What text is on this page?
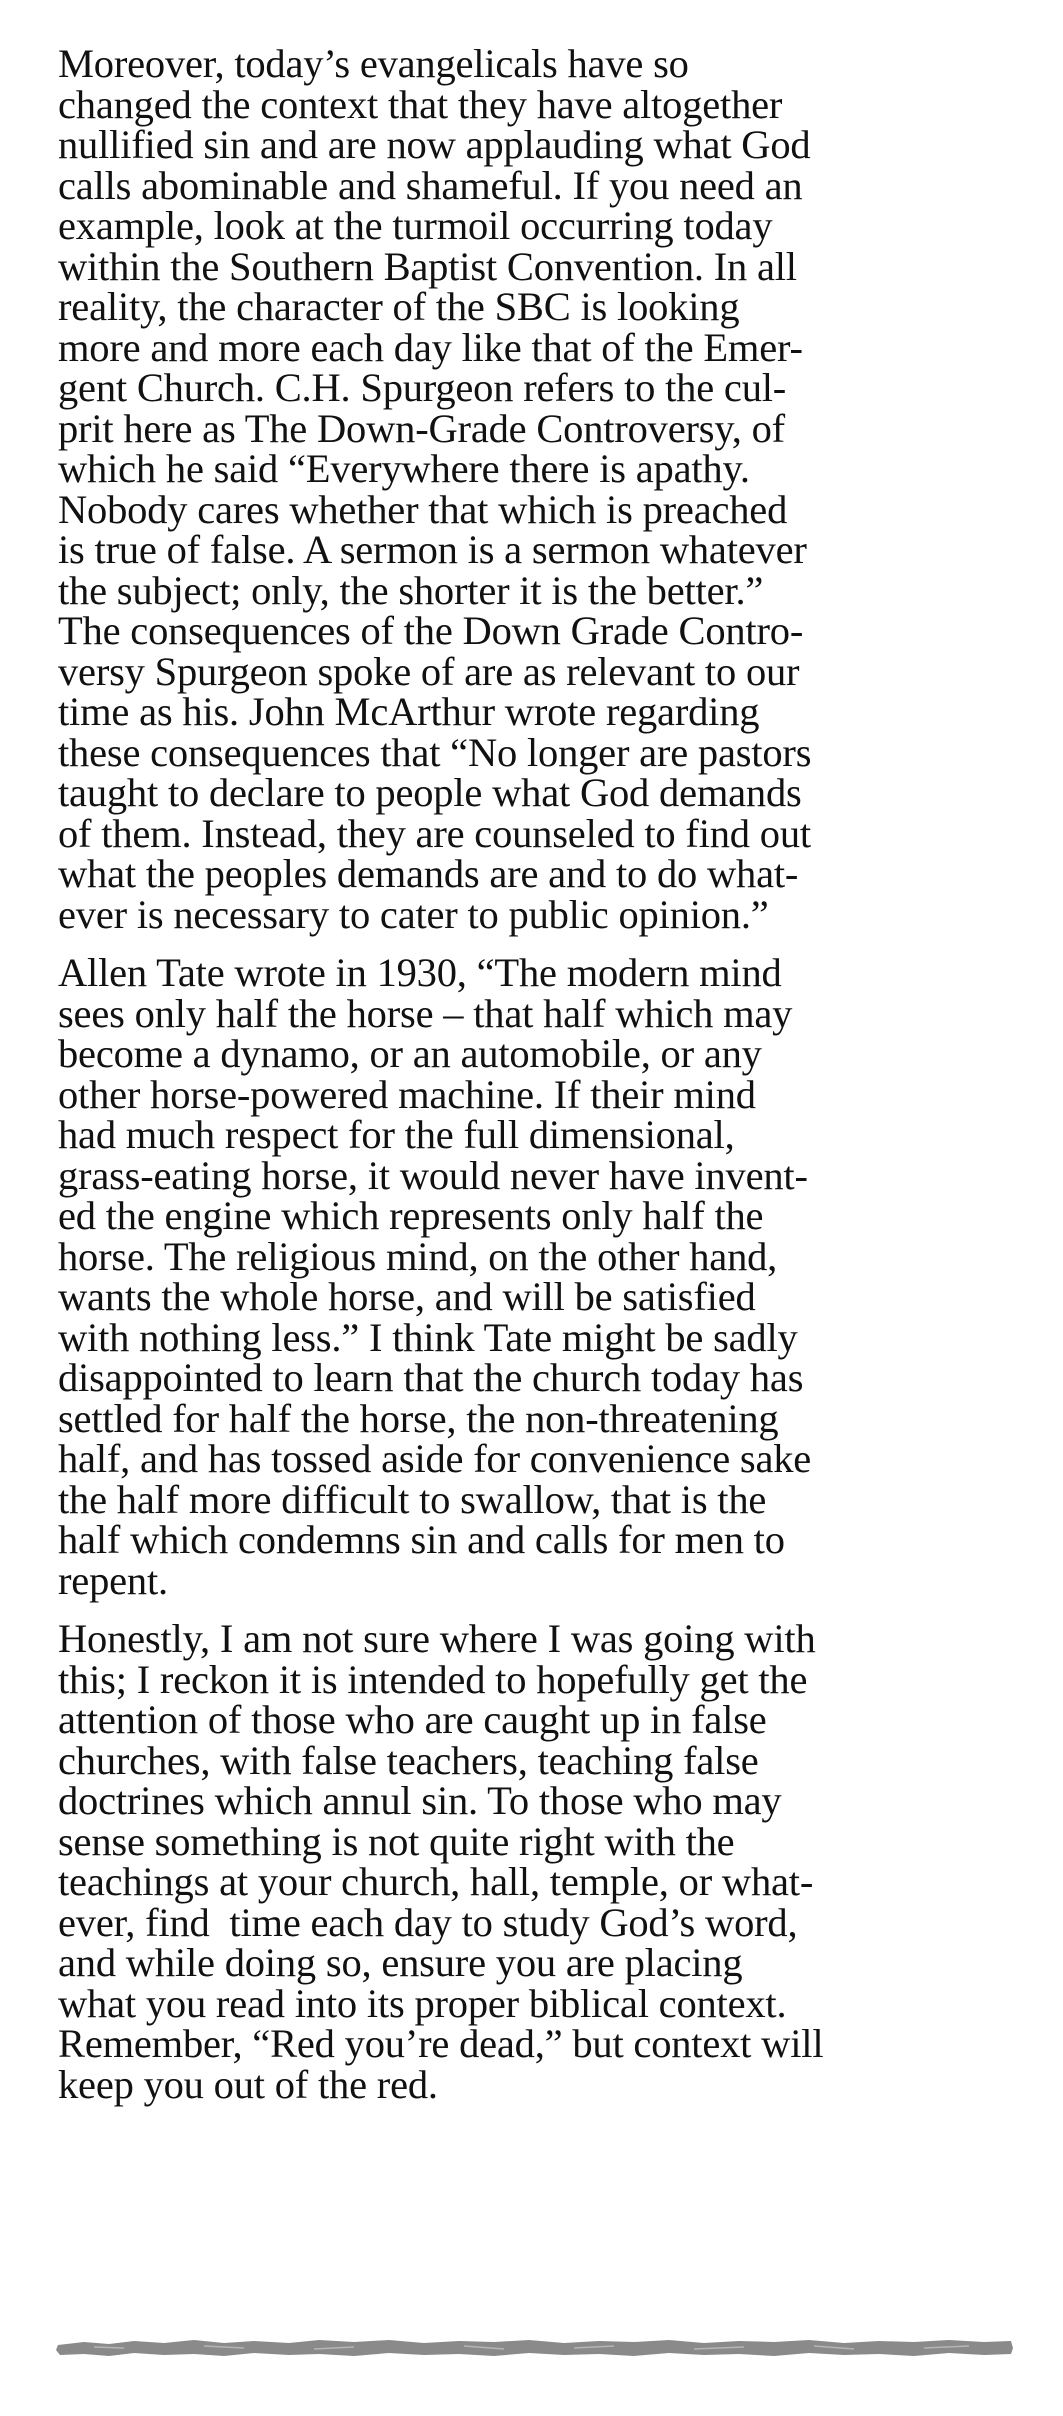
Moreover, today’s evangelicals have so
changed the context that they have altogether
nullified sin and are now applauding what God
calls abominable and shameful. If you need an
example, look at the turmoil occurring today
within the Southern Baptist Convention. In all
reality, the character of the SBC is looking
more and more each day like that of the Emer-
gent Church. C.H. Spurgeon refers to the cul-
prit here as The Down-Grade Controversy, of
which he said “Everywhere there is apathy.
Nobody cares whether that which is preached
is true of false. A sermon is a sermon whatever
the subject; only, the shorter it is the better.”
The consequences of the Down Grade Contro-
versy Spurgeon spoke of are as relevant to our
time as his. John McArthur wrote regarding
these consequences that “No longer are pastors
taught to declare to people what God demands
of them. Instead, they are counseled to find out
what the peoples demands are and to do what-
ever is necessary to cater to public opinion.”

Allen Tate wrote in 1930, “The modern mind
sees only half the horse – that half which may
become a dynamo, or an automobile, or any
other horse-powered machine. If their mind
had much respect for the full dimensional,
grass-eating horse, it would never have invent-
ed the engine which represents only half the
horse. The religious mind, on the other hand,
wants the whole horse, and will be satisfied
with nothing less.” I think Tate might be sadly
disappointed to learn that the church today has
settled for half the horse, the non-threatening
half, and has tossed aside for convenience sake
the half more difficult to swallow, that is the
half which condemns sin and calls for men to
repent.

Honestly, I am not sure where I was going with
this; I reckon it is intended to hopefully get the
attention of those who are caught up in false
churches, with false teachers, teaching false
doctrines which annul sin. To those who may
sense something is not quite right with the
teachings at your church, hall, temple, or what-
ever, find  time each day to study God’s word,
and while doing so, ensure you are placing
what you read into its proper biblical context.
Remember, “Red you’re dead,” but context will
keep you out of the red.
